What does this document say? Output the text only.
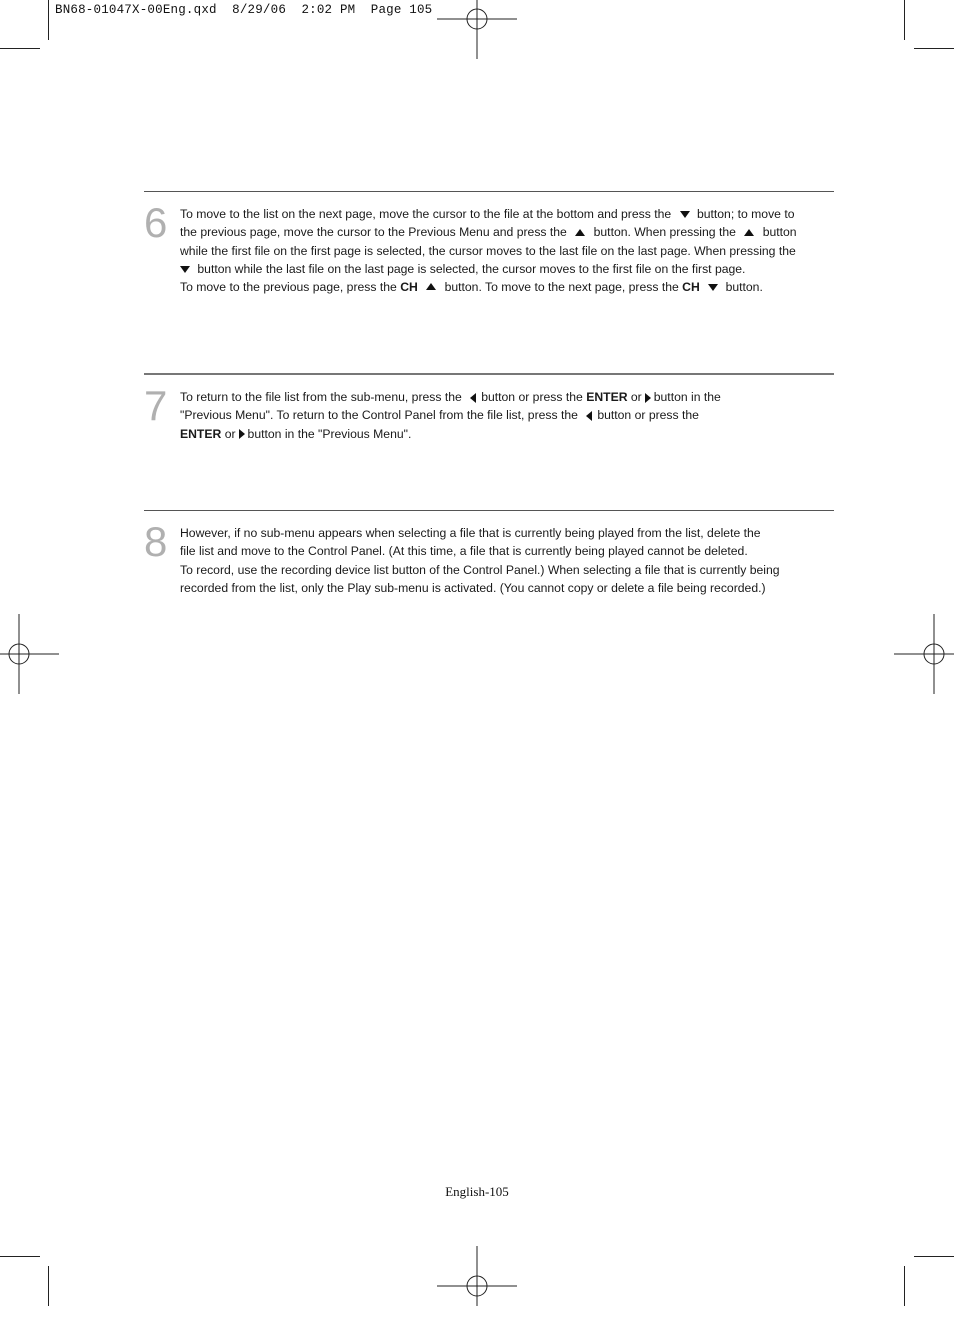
BN68-01047X-00Eng.qxd  8/29/06  2:02 PM  Page 105
6 To move to the list on the next page, move the cursor to the file at the bottom and press the button; to move to
the previous page, move the cursor to the Previous Menu and press the button. When pressing the button
while the first file on the first page is selected, the cursor moves to the last file on the last page. When pressing the
button while the last file on the last page is selected, the cursor moves to the first file on the first page.
To move to the previous page, press the CH button. To move to the next page, press the CH button.
7 To return to the file list from the sub-menu, press the button or press the ENTER or button in the
"Previous Menu". To return to the Control Panel from the file list, press the button or press the
ENTER or button in the "Previous Menu".
8 However, if no sub-menu appears when selecting a file that is currently being played from the list, delete the
file list and move to the Control Panel. (At this time, a file that is currently being played cannot be deleted.
To record, use the recording device list button of the Control Panel.) When selecting a file that is currently being
recorded from the list, only the Play sub-menu is activated. (You cannot copy or delete a file being recorded.)
English-105
